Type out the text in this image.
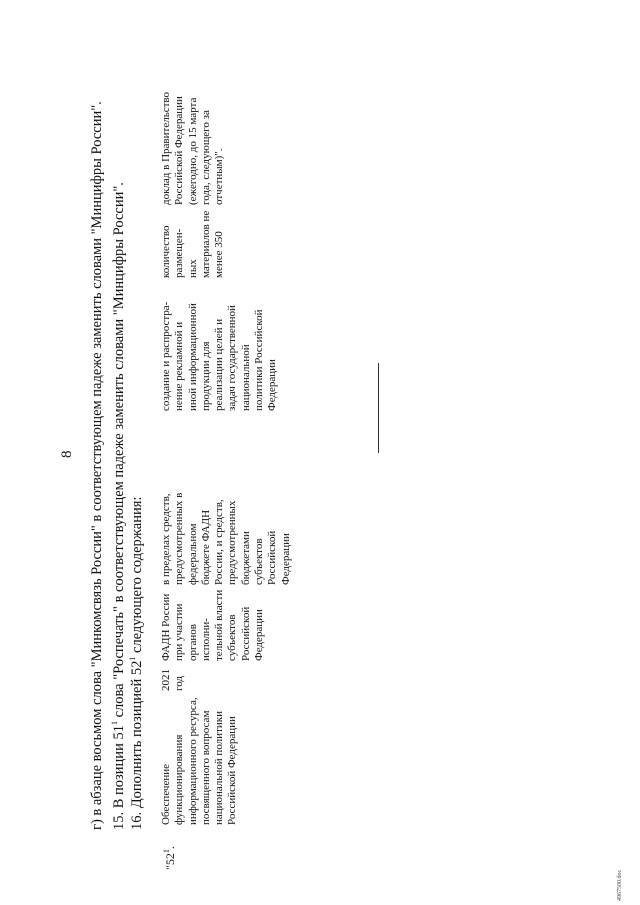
8 г) в абзаце восьмом слова "Минкомсвязь России" в соответствующем падеже заменить словами "Минцифры России". 15. В позиции $51^1$ слова "Роспечать" в соответствующем падеже заменить словами "Минцифры России".
16. Дополнить позицией $52^1$ следующего содержания:
"$52^1$.
Обеспечение функционирования информационного ресурса, посвященного вопросам национальной политики Российской Федерации
2021 год
ФАДН России при участии органов исполни- тельной власти субъектов Российской Федерации
в пределах средств, предусмотренных в федеральном бюджете ФАДН России, и средств, предусмотренных бюджетами субъектов Российской Федерации
создание и распростра- нение рекламной и иной информационной продукции для реализации целей и задач государственной национальной политики Российской Федерации
количество размещен- ных материалов не менее 350
доклад в Правительство Российской Федерации (ежегодно, до 15 марта года, следующего за отчетным)".
4967500.doc
